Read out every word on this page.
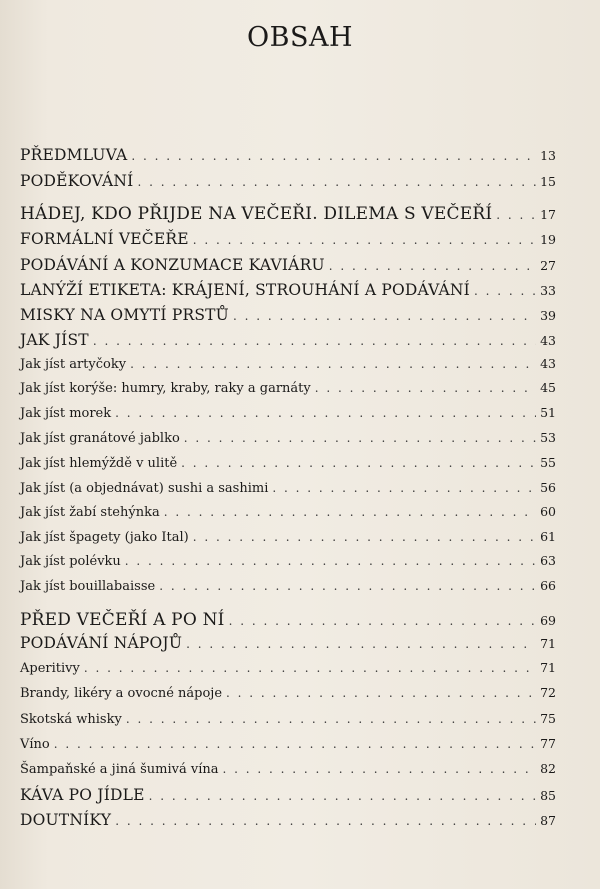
OBSAH
PŘEDMLUVA . . .	13
PODĚKOVÁNÍ . . .	15
HÁDEJ, KDO PŘIJDE NA VEČEŘI. DILEMA S VEČEŘÍ . . .	17
FORMÁLNÍ VEČEŘE . . .	19
PODÁVÁNÍ A KONZUMACE KAVIÁRU . . .	27
LANÝŽÍ ETIKETA: KRÁJENÍ, STROUHÁNÍ A PODÁVÁNÍ . . .	33
MISKY NA OMYTÍ PRSTŮ . . .	39
JAK JÍST . . .	43
Jak jíst artyčoky . . .	43
Jak jíst korýše: humry, kraby, raky a garnáty . . .	45
Jak jíst morek . . .	51
Jak jíst granátové jablko . . .	53
Jak jíst hlemýždě v ulitě . . .	55
Jak jíst (a objednávat) sushi a sashimi . . .	56
Jak jíst žabí stehýnka . . .	60
Jak jíst špagety (jako Ital) . . .	61
Jak jíst polévku . . .	63
Jak jíst bouillabaisse . . .	66
PŘED VEČEŘÍ A PO NÍ . . .	69
PODÁVÁNÍ NÁPOJŮ . . .	71
Aperitivy . . .	71
Brandy, likéry a ovocné nápoje . . .	72
Skotská whisky . . .	75
Víno . . .	77
Šampaňské a jiná šumivá vína . . .	82
KÁVA PO JÍDLE . . .	85
DOUTNÍKY . . .	87
